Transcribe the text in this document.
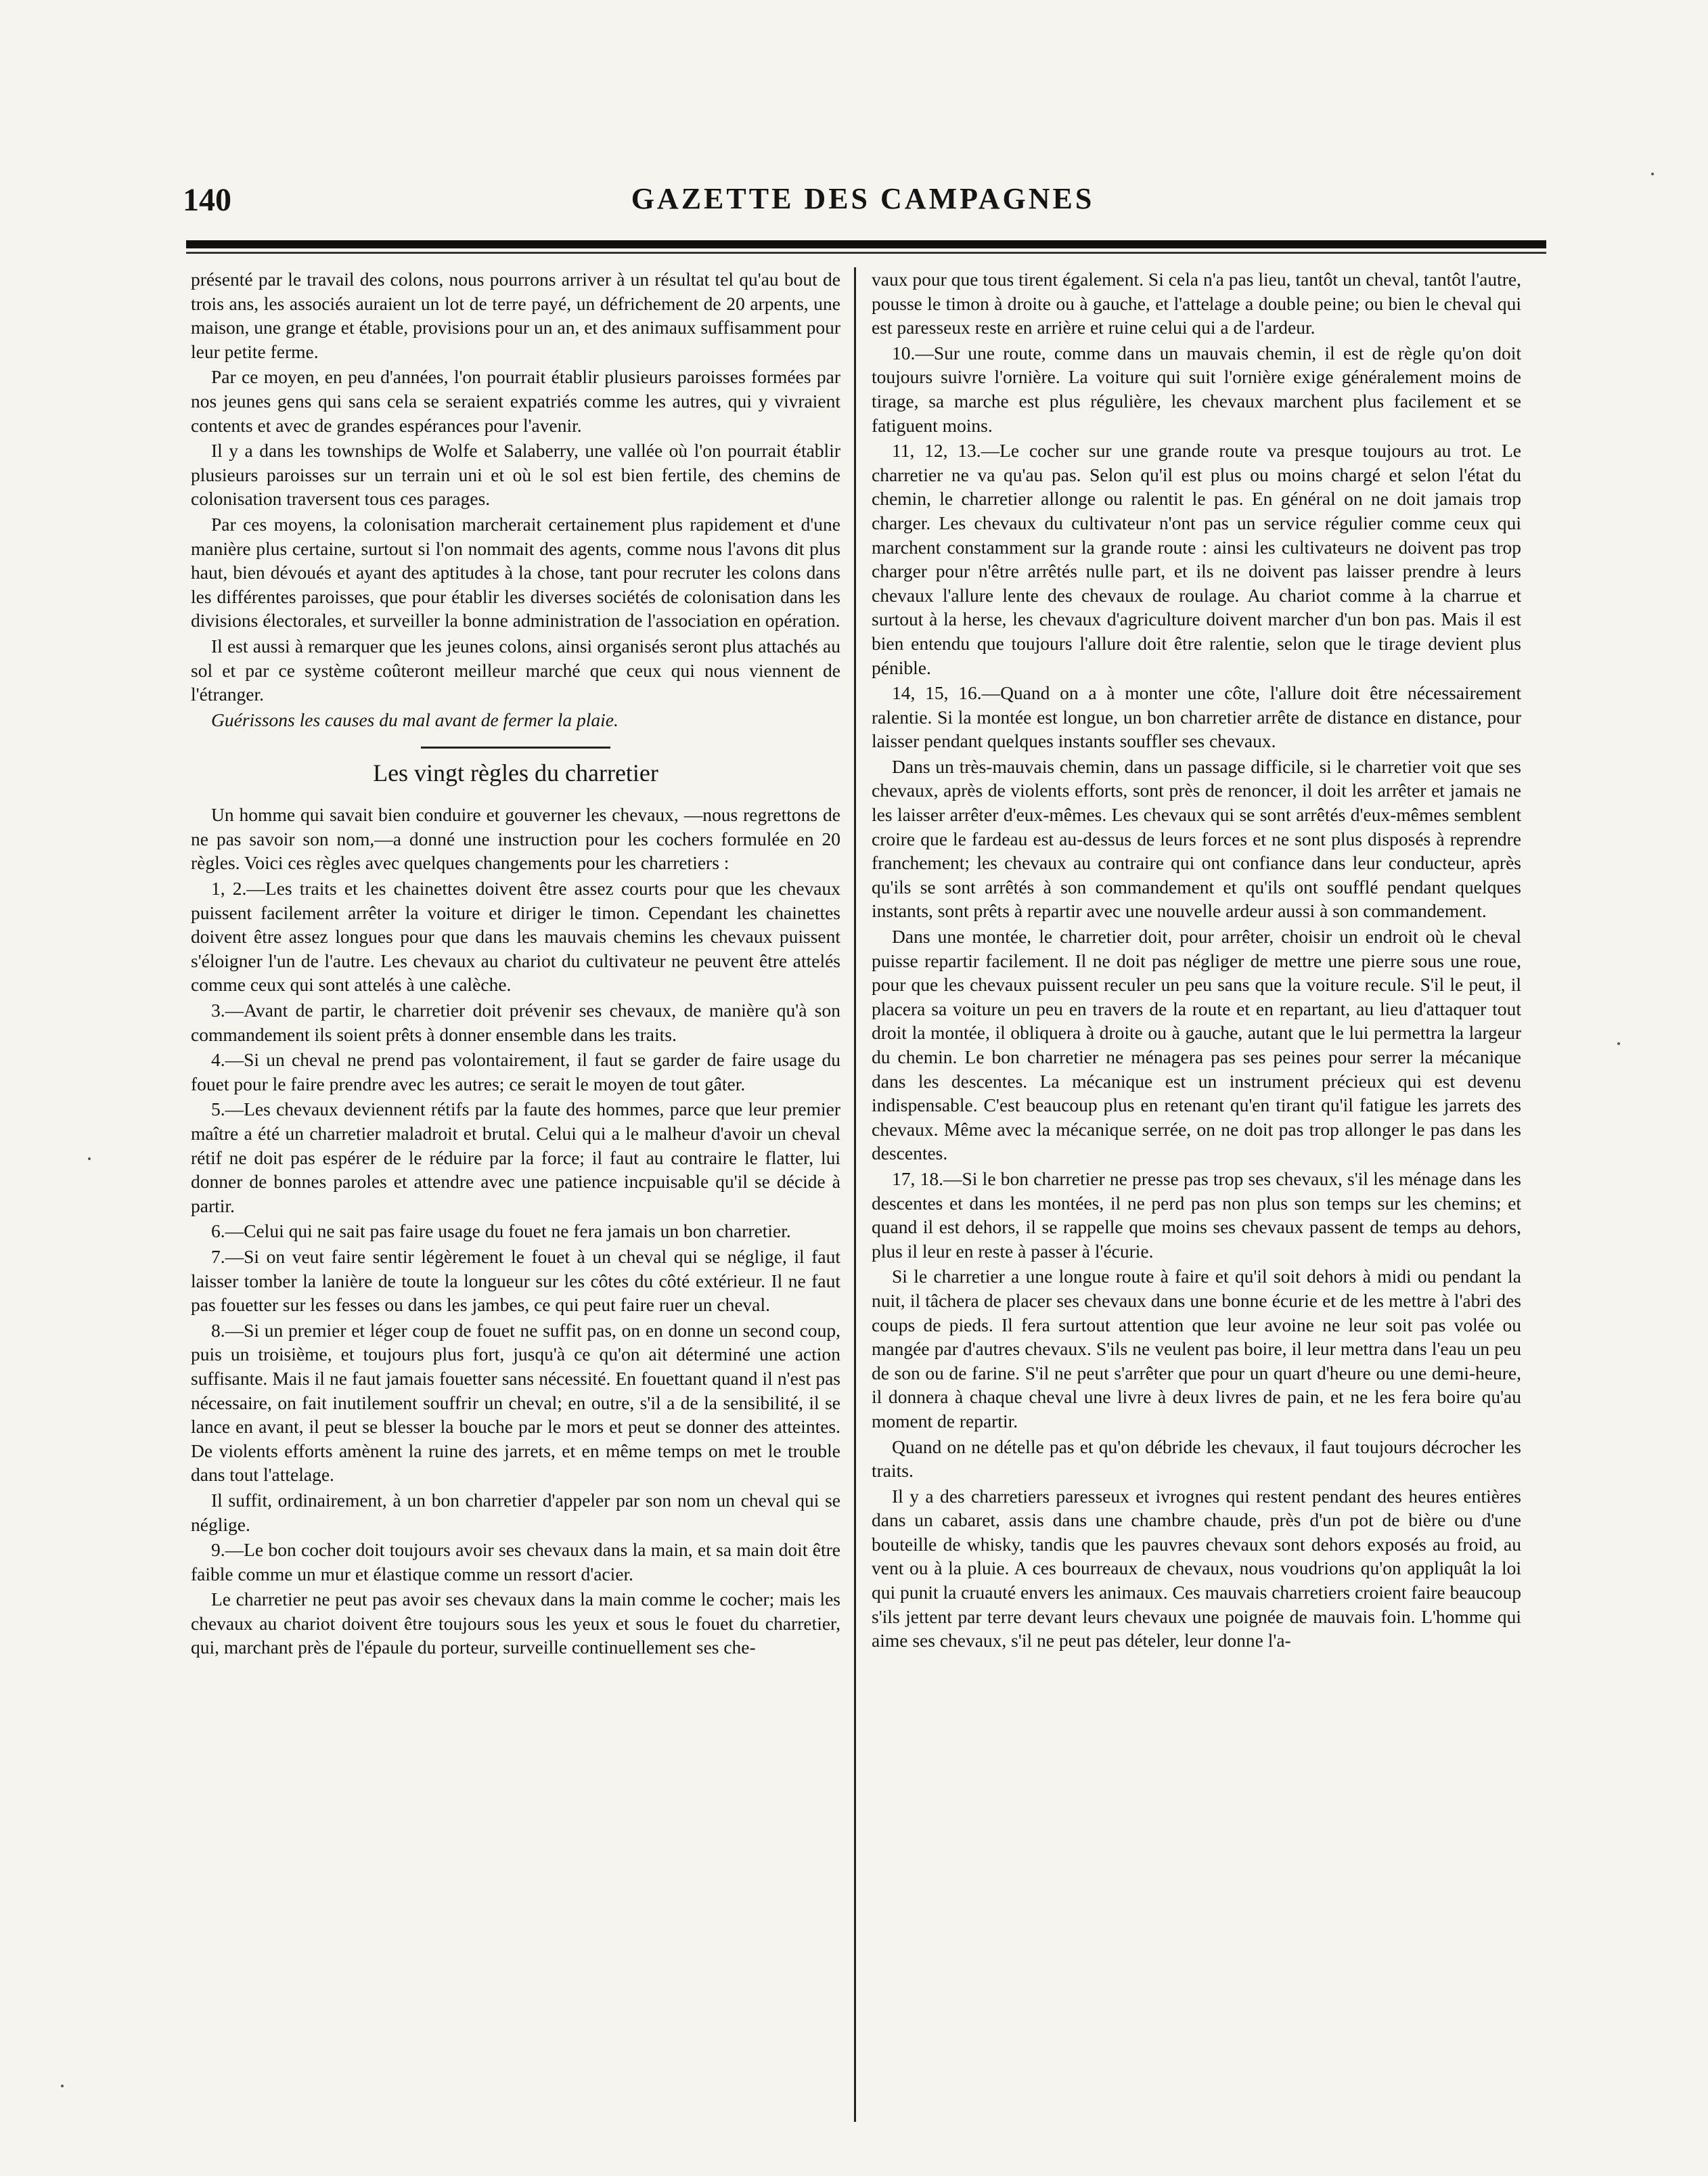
140	GAZETTE DES CAMPAGNES

présenté par le travail des colons, nous pourrons arriver à un résultat tel qu'au bout de trois ans, les associés auraient un lot de terre payé, un défrichement de 20 arpents, une maison, une grange et étable, provisions pour un an, et des animaux suffisamment pour leur petite ferme.

Par ce moyen, en peu d'années, l'on pourrait établir plusieurs paroisses formées par nos jeunes gens qui sans cela se seraient expatriés comme les autres, qui y vivraient contents et avec de grandes espérances pour l'avenir.

Il y a dans les townships de Wolfe et Salaberry, une vallée où l'on pourrait établir plusieurs paroisses sur un terrain uni et où le sol est bien fertile, des chemins de colonisation traversent tous ces parages.

Par ces moyens, la colonisation marcherait certainement plus rapidement et d'une manière plus certaine, surtout si l'on nommait des agents, comme nous l'avons dit plus haut, bien dévoués et ayant des aptitudes à la chose, tant pour recruter les colons dans les différentes paroisses, que pour établir les diverses sociétés de colonisation dans les divisions électorales, et surveiller la bonne administration de l'association en opération.

Il est aussi à remarquer que les jeunes colons, ainsi organisés seront plus attachés au sol et par ce système coûteront meilleur marché que ceux qui nous viennent de l'étranger.

Guérissons les causes du mal avant de fermer la plaie.

Les vingt règles du charretier

Un homme qui savait bien conduire et gouverner les chevaux, —nous regrettons de ne pas savoir son nom,—a donné une instruction pour les cochers formulée en 20 règles. Voici ces règles avec quelques changements pour les charretiers :

1, 2.—Les traits et les chainettes doivent être assez courts pour que les chevaux puissent facilement arrêter la voiture et diriger le timon. Cependant les chainettes doivent être assez longues pour que dans les mauvais chemins les chevaux puissent s'éloigner l'un de l'autre. Les chevaux au chariot du cultivateur ne peuvent être attelés comme ceux qui sont attelés à une calèche.

3.—Avant de partir, le charretier doit prévenir ses chevaux, de manière qu'à son commandement ils soient prêts à donner ensemble dans les traits.

4.—Si un cheval ne prend pas volontairement, il faut se garder de faire usage du fouet pour le faire prendre avec les autres; ce serait le moyen de tout gâter.

5.—Les chevaux deviennent rétifs par la faute des hommes, parce que leur premier maître a été un charretier maladroit et brutal. Celui qui a le malheur d'avoir un cheval rétif ne doit pas espérer de le réduire par la force; il faut au contraire le flatter, lui donner de bonnes paroles et attendre avec une patience incpuisable qu'il se décide à partir.

6.—Celui qui ne sait pas faire usage du fouet ne fera jamais un bon charretier.

7.—Si on veut faire sentir légèrement le fouet à un cheval qui se néglige, il faut laisser tomber la lanière de toute la longueur sur les côtes du côté extérieur. Il ne faut pas fouetter sur les fesses ou dans les jambes, ce qui peut faire ruer un cheval.

8.—Si un premier et léger coup de fouet ne suffit pas, on en donne un second coup, puis un troisième, et toujours plus fort, jusqu'à ce qu'on ait déterminé une action suffisante. Mais il ne faut jamais fouetter sans nécessité. En fouettant quand il n'est pas nécessaire, on fait inutilement souffrir un cheval; en outre, s'il a de la sensibilité, il se lance en avant, il peut se blesser la bouche par le mors et peut se donner des atteintes. De violents efforts amènent la ruine des jarrets, et en même temps on met le trouble dans tout l'attelage.

Il suffit, ordinairement, à un bon charretier d'appeler par son nom un cheval qui se néglige.

9.—Le bon cocher doit toujours avoir ses chevaux dans la main, et sa main doit être faible comme un mur et élastique comme un ressort d'acier.

Le charretier ne peut pas avoir ses chevaux dans la main comme le cocher; mais les chevaux au chariot doivent être toujours sous les yeux et sous le fouet du charretier, qui, marchant près de l'épaule du porteur, surveille continuellement ses che-

vaux pour que tous tirent également. Si cela n'a pas lieu, tantôt un cheval, tantôt l'autre, pousse le timon à droite ou à gauche, et l'attelage a double peine; ou bien le cheval qui est paresseux reste en arrière et ruine celui qui a de l'ardeur.

10.—Sur une route, comme dans un mauvais chemin, il est de règle qu'on doit toujours suivre l'ornière. La voiture qui suit l'ornière exige généralement moins de tirage, sa marche est plus régulière, les chevaux marchent plus facilement et se fatiguent moins.

11, 12, 13.—Le cocher sur une grande route va presque toujours au trot. Le charretier ne va qu'au pas. Selon qu'il est plus ou moins chargé et selon l'état du chemin, le charretier allonge ou ralentit le pas. En général on ne doit jamais trop charger. Les chevaux du cultivateur n'ont pas un service régulier comme ceux qui marchent constamment sur la grande route : ainsi les cultivateurs ne doivent pas trop charger pour n'être arrêtés nulle part, et ils ne doivent pas laisser prendre à leurs chevaux l'allure lente des chevaux de roulage. Au chariot comme à la charrue et surtout à la herse, les chevaux d'agriculture doivent marcher d'un bon pas. Mais il est bien entendu que toujours l'allure doit être ralentie, selon que le tirage devient plus pénible.

14, 15, 16.—Quand on a à monter une côte, l'allure doit être nécessairement ralentie. Si la montée est longue, un bon charretier arrête de distance en distance, pour laisser pendant quelques instants souffler ses chevaux.

Dans un très-mauvais chemin, dans un passage difficile, si le charretier voit que ses chevaux, après de violents efforts, sont près de renoncer, il doit les arrêter et jamais ne les laisser arrêter d'eux-mêmes. Les chevaux qui se sont arrêtés d'eux-mêmes semblent croire que le fardeau est au-dessus de leurs forces et ne sont plus disposés à reprendre franchement; les chevaux au contraire qui ont confiance dans leur conducteur, après qu'ils se sont arrêtés à son commandement et qu'ils ont soufflé pendant quelques instants, sont prêts à repartir avec une nouvelle ardeur aussi à son commandement.

Dans une montée, le charretier doit, pour arrêter, choisir un endroit où le cheval puisse repartir facilement. Il ne doit pas négliger de mettre une pierre sous une roue, pour que les chevaux puissent reculer un peu sans que la voiture recule. S'il le peut, il placera sa voiture un peu en travers de la route et en repartant, au lieu d'attaquer tout droit la montée, il obliquera à droite ou à gauche, autant que le lui permettra la largeur du chemin. Le bon charretier ne ménagera pas ses peines pour serrer la mécanique dans les descentes. La mécanique est un instrument précieux qui est devenu indispensable. C'est beaucoup plus en retenant qu'en tirant qu'il fatigue les jarrets des chevaux. Même avec la mécanique serrée, on ne doit pas trop allonger le pas dans les descentes.

17, 18.—Si le bon charretier ne presse pas trop ses chevaux, s'il les ménage dans les descentes et dans les montées, il ne perd pas non plus son temps sur les chemins; et quand il est dehors, il se rappelle que moins ses chevaux passent de temps au dehors, plus il leur en reste à passer à l'écurie.

Si le charretier a une longue route à faire et qu'il soit dehors à midi ou pendant la nuit, il tâchera de placer ses chevaux dans une bonne écurie et de les mettre à l'abri des coups de pieds. Il fera surtout attention que leur avoine ne leur soit pas volée ou mangée par d'autres chevaux. S'ils ne veulent pas boire, il leur mettra dans l'eau un peu de son ou de farine. S'il ne peut s'arrêter que pour un quart d'heure ou une demi-heure, il donnera à chaque cheval une livre à deux livres de pain, et ne les fera boire qu'au moment de repartir.

Quand on ne dételle pas et qu'on débride les chevaux, il faut toujours décrocher les traits.

Il y a des charretiers paresseux et ivrognes qui restent pendant des heures entières dans un cabaret, assis dans une chambre chaude, près d'un pot de bière ou d'une bouteille de whisky, tandis que les pauvres chevaux sont dehors exposés au froid, au vent ou à la pluie. A ces bourreaux de chevaux, nous voudrions qu'on appliquât la loi qui punit la cruauté envers les animaux. Ces mauvais charretiers croient faire beaucoup s'ils jettent par terre devant leurs chevaux une poignée de mauvais foin. L'homme qui aime ses chevaux, s'il ne peut pas dételer, leur donne l'a-
